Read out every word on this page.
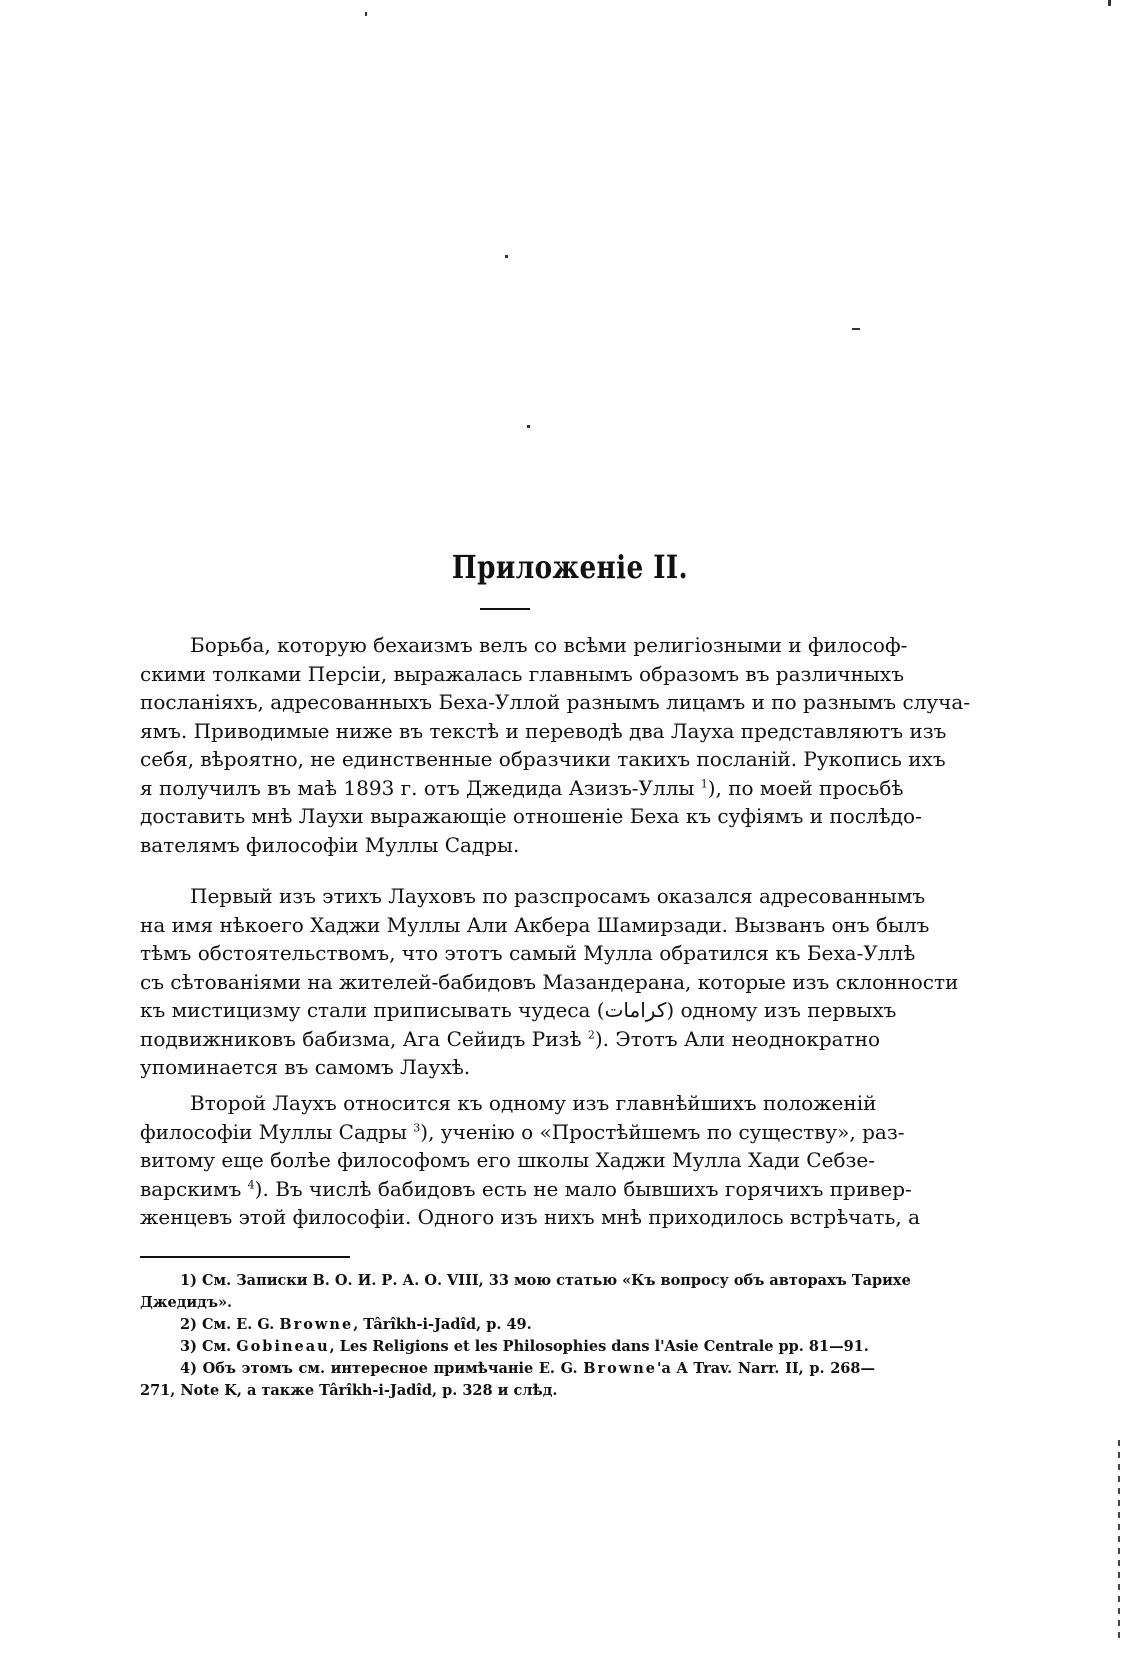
Приложенiе II.
Борьба, которую бехаизмъ велъ со всѣми религiозными и философ-
скими толками Персiи, выражалась главнымъ образомъ въ различныхъ
посланiяхъ, адресованныхъ Беха-Уллой разнымъ лицамъ и по разнымъ случа-
ямъ. Приводимые ниже въ текстѣ и переводѣ два Лауха представляютъ изъ
себя, вѣроятно, не единственные образчики такихъ посланiй. Рукопись ихъ
я получилъ въ маѣ 1893 г. отъ Джедида Азизъ-Уллы $^1$), по моей просьбѣ
доставить мнѣ Лаухи выражающiе отношенiе Беха къ суфiямъ и послѣдо-
вателямъ философiи Муллы Садры.
Первый изъ этихъ Лауховъ по разспросамъ оказался адресованнымъ
на имя нѣкоего Хаджи Муллы Али Акбера Шамирзади. Вызванъ онъ былъ
тѣмъ обстоятельствомъ, что этотъ самый Мулла обратился къ Беха-Уллѣ
съ сѣтованiями на жителей-бабидовъ Мазандерана, которые изъ склонности
къ мистицизму стали приписывать чудеса (كرامات) одному изъ первыхъ
подвижниковъ бабизма, Ага Сейидъ Ризѣ $^2$). Этотъ Али неоднократно
упоминается въ самомъ Лаухѣ.
Второй Лаухъ относится къ одному изъ главнѣйшихъ положенiй
философiи Муллы Садры $^3$), ученiю о «Простѣйшемъ по существу», раз-
витому еще болѣе философомъ его школы Хаджи Мулла Хади Себзе-
варскимъ $^4$). Въ числѣ бабидовъ есть не мало бывшихъ горячихъ привер-
женцевъ этой философiи. Одного изъ нихъ мнѣ приходилось встрѣчать, а
1) См. Записки В. О. И. Р. А. О. VIII, 33 мою статью «Къ вопросу объ авторахъ Тарихе
Джедидъ».
2) См. E. G. Browne, Târîkh-i-Jadîd, p. 49.
3) См. Gobineau, Les Religions et les Philosophies dans l'Asie Centrale pp. 81—91.
4) Объ этомъ см. интересное примѣчанiе E. G. Browne'а A Trav. Narr. II, p. 268—
271, Note K, а также Târîkh-i-Jadîd, p. 328 и слѣд.
